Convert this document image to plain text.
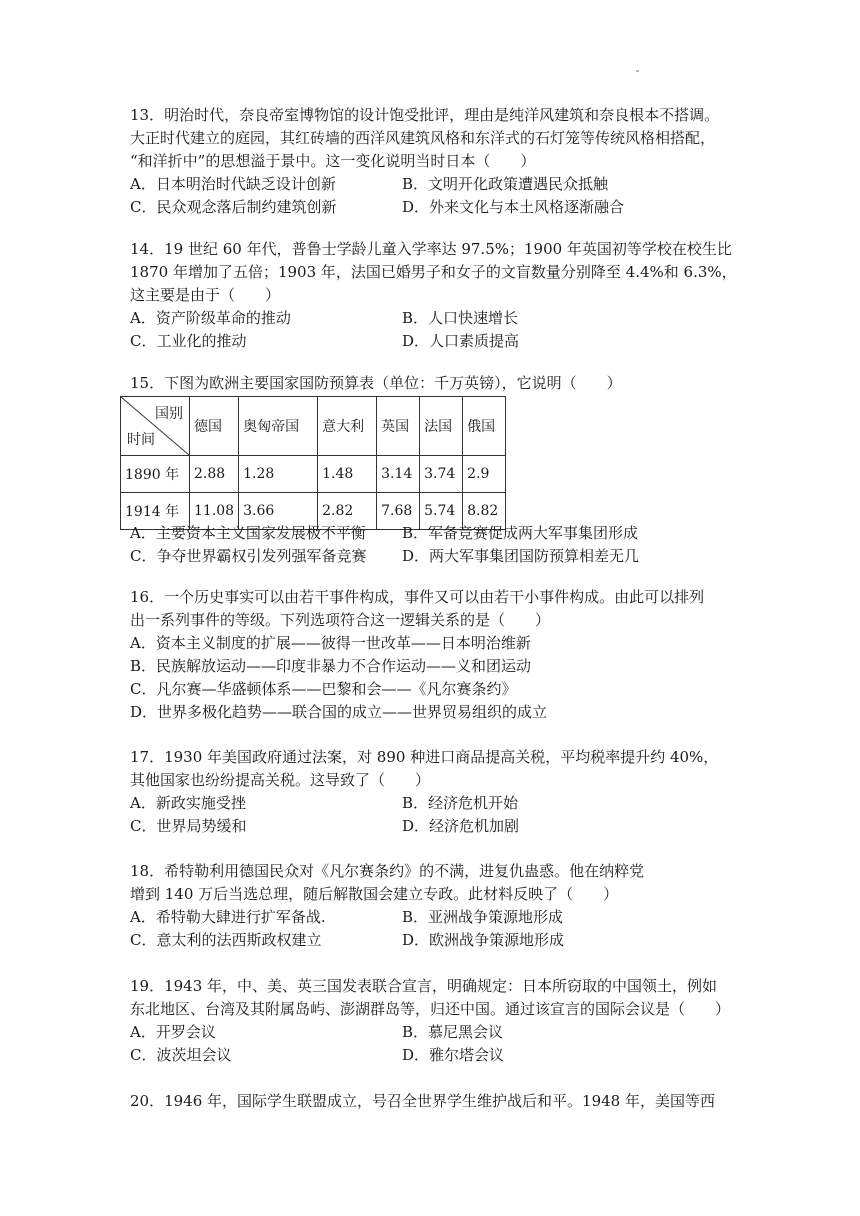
13．明治时代，奈良帝室博物馆的设计饱受批评，理由是纯洋风建筑和奈良根本不搭调。
大正时代建立的庭园，其红砖墙的西洋风建筑风格和东洋式的石灯笼等传统风格相搭配，
“和洋折中”的思想溢于景中。这一变化说明当时日本（　　）
A．日本明治时代缺乏设计创新	B．文明开化政策遭遇民众抵触
C．民众观念落后制约建筑创新	D．外来文化与本土风格逐渐融合
14．19 世纪 60 年代，普鲁士学龄儿童入学率达 97.5%；1900 年英国初等学校在校生比
1870 年增加了五倍；1903 年，法国已婚男子和女子的文盲数量分别降至 4.4%和 6.3%，
这主要是由于（　　）
A．资产阶级革命的推动	B．人口快速增长
C．工业化的推动	D．人口素质提高
15．下图为欧洲主要国家国防预算表（单位：千万英镑），它说明（　　）
国别
时间	德国	奥匈帝国	意大利	英国	法国	俄国
1890 年	2.88	1.28	1.48	3.14	3.74	2.9
1914 年	11.08	3.66	2.82	7.68	5.74	8.82
A．主要资本主义国家发展极不平衡	B．军备竞赛促成两大军事集团形成
C．争夺世界霸权引发列强军备竞赛	D．两大军事集团国防预算相差无几
16．一个历史事实可以由若干事件构成，事件又可以由若干小事件构成。由此可以排列
出一系列事件的等级。下列选项符合这一逻辑关系的是（　　）
A．资本主义制度的扩展——彼得一世改革——日本明治维新
B．民族解放运动——印度非暴力不合作运动——义和团运动
C．凡尔赛—华盛顿体系——巴黎和会——《凡尔赛条约》
D．世界多极化趋势——联合国的成立——世界贸易组织的成立
17．1930 年美国政府通过法案，对 890 种进口商品提高关税，平均税率提升约 40%，
其他国家也纷纷提高关税。这导致了（　　）
A．新政实施受挫	B．经济危机开始
C．世界局势缓和	D．经济危机加剧
18．希特勒利用德国民众对《凡尔赛条约》的不满，进复仇蛊惑。他在纳粹党
增到 140 万后当选总理，随后解散国会建立专政。此材料反映了（　　）
A．希特勒大肆进行扩军备战.	B．亚洲战争策源地形成
C．意太利的法西斯政权建立	D．欧洲战争策源地形成
19．1943 年，中、美、英三国发表联合宣言，明确规定：日本所窃取的中国领土，例如
东北地区、台湾及其附属岛屿、澎湖群岛等，归还中国。通过该宣言的国际会议是（　　）
A．开罗会议	B．慕尼黑会议
C．波茨坦会议	D．雅尔塔会议
20．1946 年，国际学生联盟成立，号召全世界学生维护战后和平。1948 年，美国等西
